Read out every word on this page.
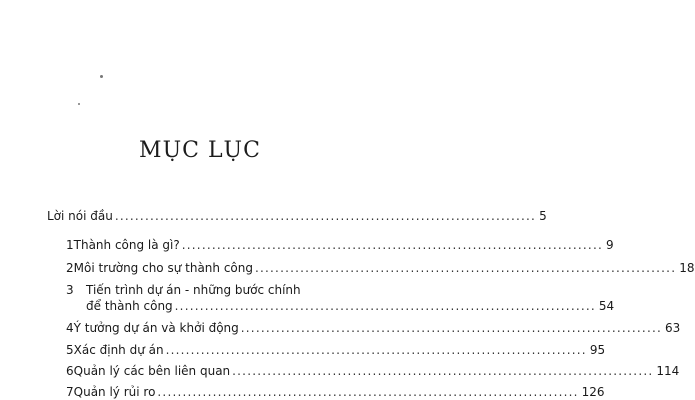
MỤC LỤC
Lời nói đầu .................................................................................... 5
1 Thành công là gì? .................................................................................... 9
2 Môi trường cho sự thành công .................................................................................... 18
3	Tiến trình dự án - những bước chính
để thành công .................................................................................... 54
4 Ý tưởng dự án và khởi động .................................................................................... 63
5 Xác định dự án .................................................................................... 95
6 Quản lý các bên liên quan .................................................................................... 114
7 Quản lý rủi ro .................................................................................... 126
